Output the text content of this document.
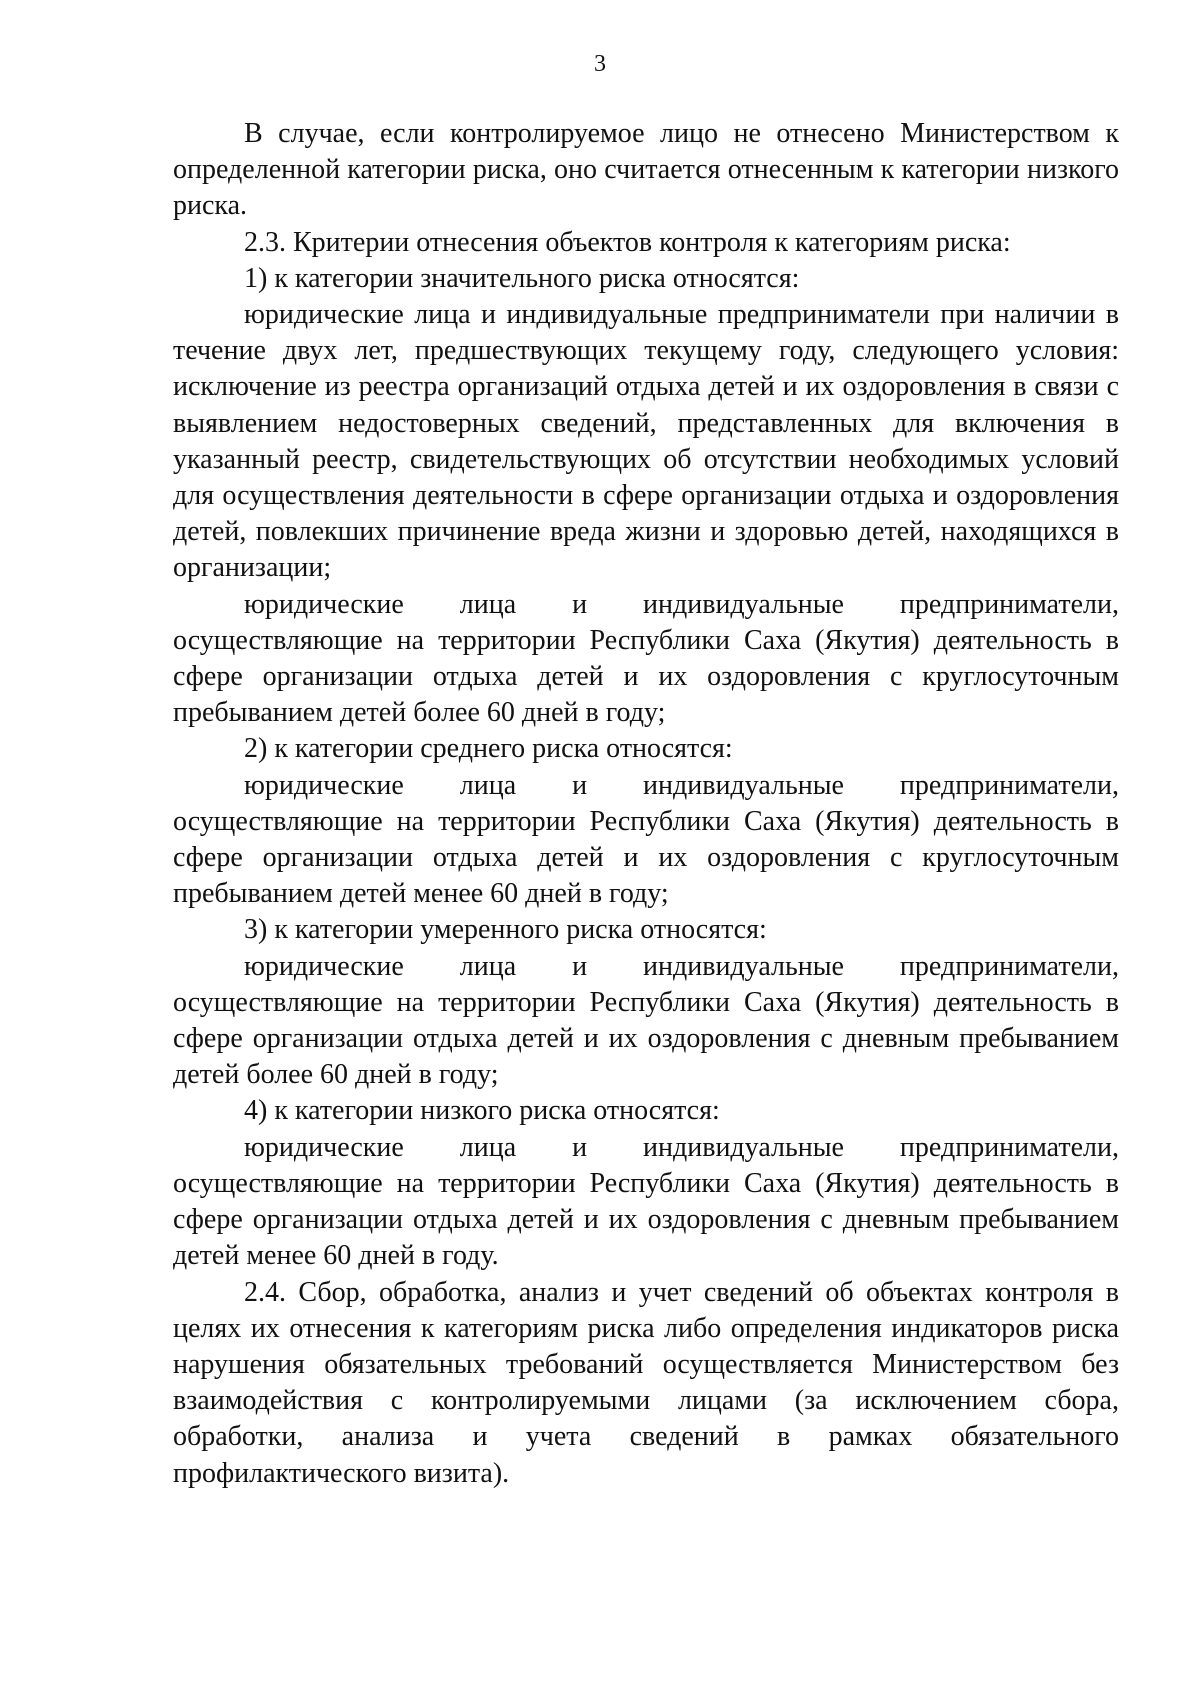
3

В случае, если контролируемое лицо не отнесено Министерством к определенной категории риска, оно считается отнесенным к категории низкого риска.

2.3. Критерии отнесения объектов контроля к категориям риска:

1) к категории значительного риска относятся:

юридические лица и индивидуальные предприниматели при наличии в течение двух лет, предшествующих текущему году, следующего условия: исключение из реестра организаций отдыха детей и их оздоровления в связи с выявлением недостоверных сведений, представленных для включения в указанный реестр, свидетельствующих об отсутствии необходимых условий для осуществления деятельности в сфере организации отдыха и оздоровления детей, повлекших причинение вреда жизни и здоровью детей, находящихся в организации;

юридические лица и индивидуальные предприниматели,

осуществляющие на территории Республики Саха (Якутия) деятельность в сфере организации отдыха детей и их оздоровления с круглосуточным пребыванием детей более 60 дней в году;

2) к категории среднего риска относятся:

юридические лица и индивидуальные предприниматели,

осуществляющие на территории Республики Саха (Якутия) деятельность в сфере организации отдыха детей и их оздоровления с круглосуточным пребыванием детей менее 60 дней в году;

3) к категории умеренного риска относятся:

юридические лица и индивидуальные предприниматели,

осуществляющие на территории Республики Саха (Якутия) деятельность в сфере организации отдыха детей и их оздоровления с дневным пребыванием детей более 60 дней в году;

4) к категории низкого риска относятся:

юридические лица и индивидуальные предприниматели,

осуществляющие на территории Республики Саха (Якутия) деятельность в сфере организации отдыха детей и их оздоровления с дневным пребыванием детей менее 60 дней в году.

2.4. Сбор, обработка, анализ и учет сведений об объектах контроля в целях их отнесения к категориям риска либо определения индикаторов риска нарушения обязательных требований осуществляется Министерством без взаимодействия с контролируемыми лицами (за исключением сбора, обработки, анализа и учета сведений в рамках обязательного профилактического визита).
